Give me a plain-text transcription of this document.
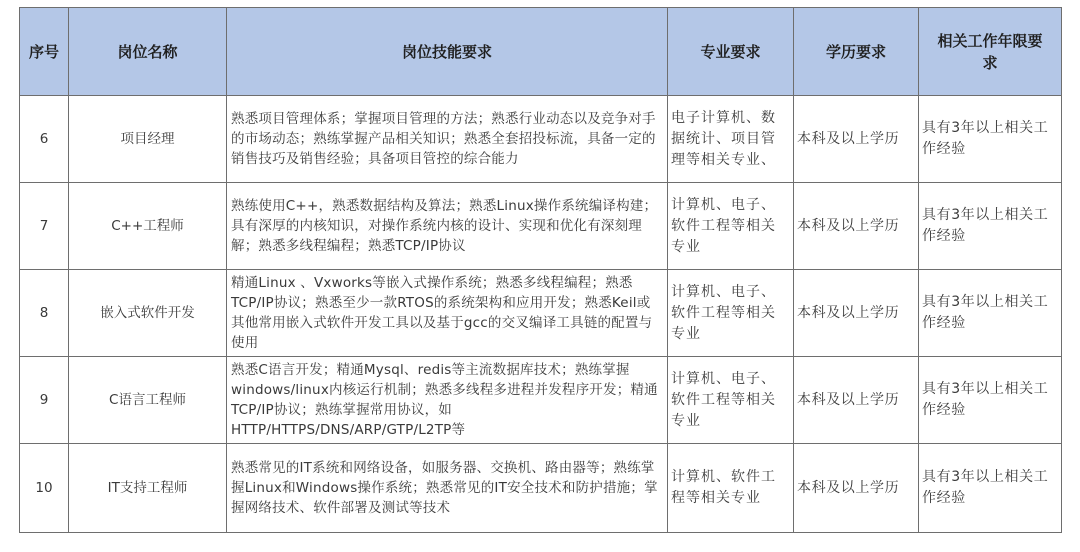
序号	岗位名称	岗位技能要求	专业要求	学历要求	相关工作年限要求
6	项目经理	熟悉项目管理体系；掌握项目管理的方法；熟悉行业动态以及竞争对手的市场动态；熟练掌握产品相关知识；熟悉全套招投标流，具备一定的销售技巧及销售经验；具备项目管控的综合能力	电子计算机、数据统计、项目管理等相关专业、	本科及以上学历	具有3年以上相关工作经验
7	C++工程师	熟练使用C++，熟悉数据结构及算法；熟悉Linux操作系统编译构建；具有深厚的内核知识，对操作系统内核的设计、实现和优化有深刻理解；熟悉多线程编程；熟悉TCP/IP协议	计算机、电子、软件工程等相关专业	本科及以上学历	具有3年以上相关工作经验
8	嵌入式软件开发	精通Linux 、Vxworks等嵌入式操作系统；熟悉多线程编程；熟悉TCP/IP协议；熟悉至少一款RTOS的系统架构和应用开发；熟悉Keil或其他常用嵌入式软件开发工具以及基于gcc的交叉编译工具链的配置与使用	计算机、电子、软件工程等相关专业	本科及以上学历	具有3年以上相关工作经验
9	C语言工程师	熟悉C语言开发；精通Mysql、redis等主流数据库技术；熟练掌握windows/linux内核运行机制；熟悉多线程多进程并发程序开发；精通TCP/IP协议；熟练掌握常用协议，如HTTP/HTTPS/DNS/ARP/GTP/L2TP等	计算机、电子、软件工程等相关专业	本科及以上学历	具有3年以上相关工作经验
10	IT支持工程师	熟悉常见的IT系统和网络设备，如服务器、交换机、路由器等；熟练掌握Linux和Windows操作系统；熟悉常见的IT安全技术和防护措施；掌握网络技术、软件部署及测试等技术	计算机、软件工程等相关专业	本科及以上学历	具有3年以上相关工作经验
